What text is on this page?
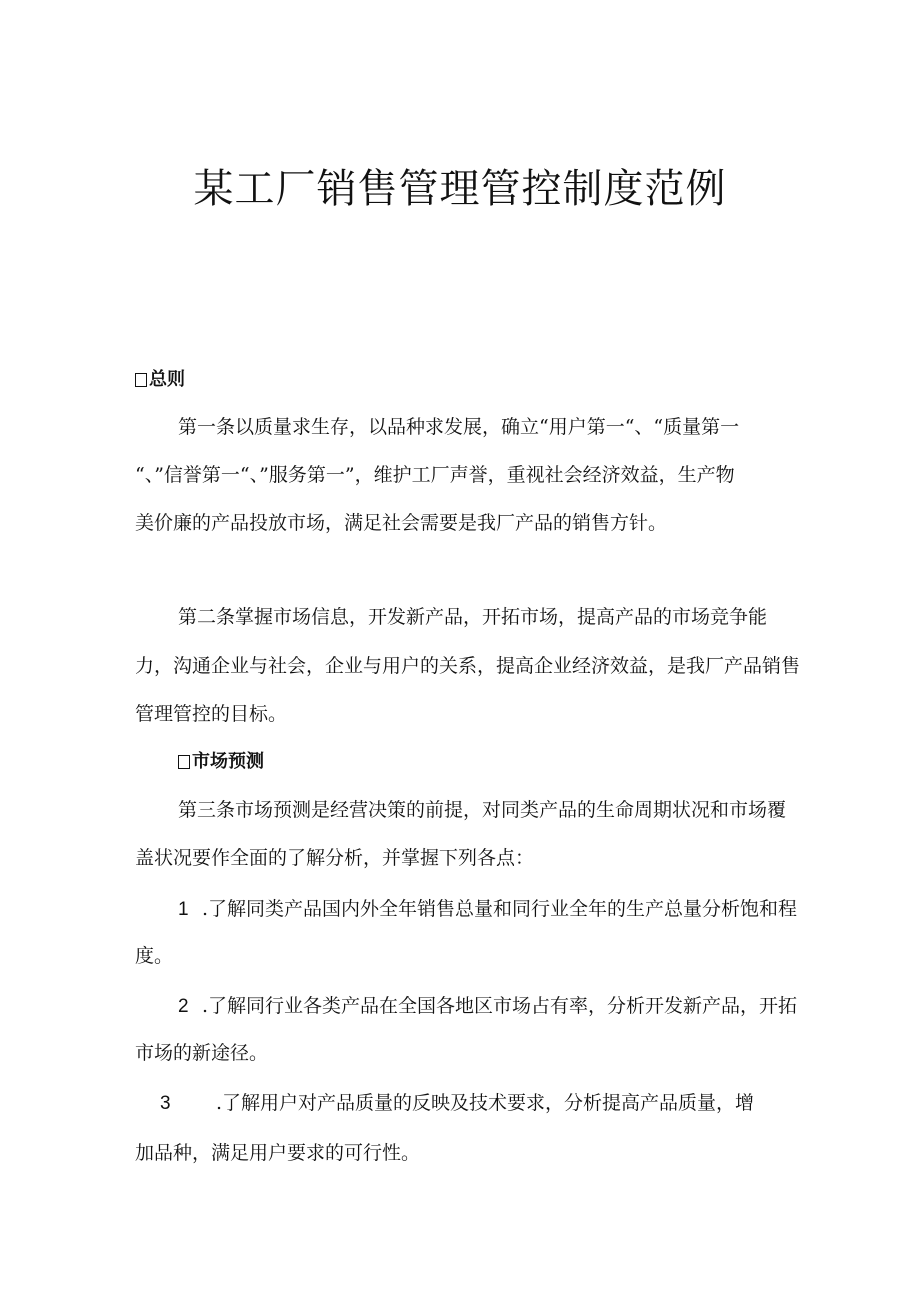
某工厂销售管理管控制度范例
总则
第一条以质量求生存，以品种求发展，确立“用户第一“、“质量第一
“、”信誉第一“、”服务第一”，维护工厂声誉，重视社会经济效益，生产物
美价廉的产品投放市场，满足社会需要是我厂产品的销售方针。
第二条掌握市场信息，开发新产品，开拓市场，提高产品的市场竞争能
力，沟通企业与社会，企业与用户的关系，提高企业经济效益，是我厂产品销售
管理管控的目标。
市场预测
第三条市场预测是经营决策的前提，对同类产品的生命周期状况和市场覆
盖状况要作全面的了解分析，并掌握下列各点：
1 .了解同类产品国内外全年销售总量和同行业全年的生产总量分析饱和程
度。
2 .了解同行业各类产品在全国各地区市场占有率，分析开发新产品，开拓
市场的新途径。
3 .了解用户对产品质量的反映及技术要求，分析提高产品质量，增
加品种，满足用户要求的可行性。
